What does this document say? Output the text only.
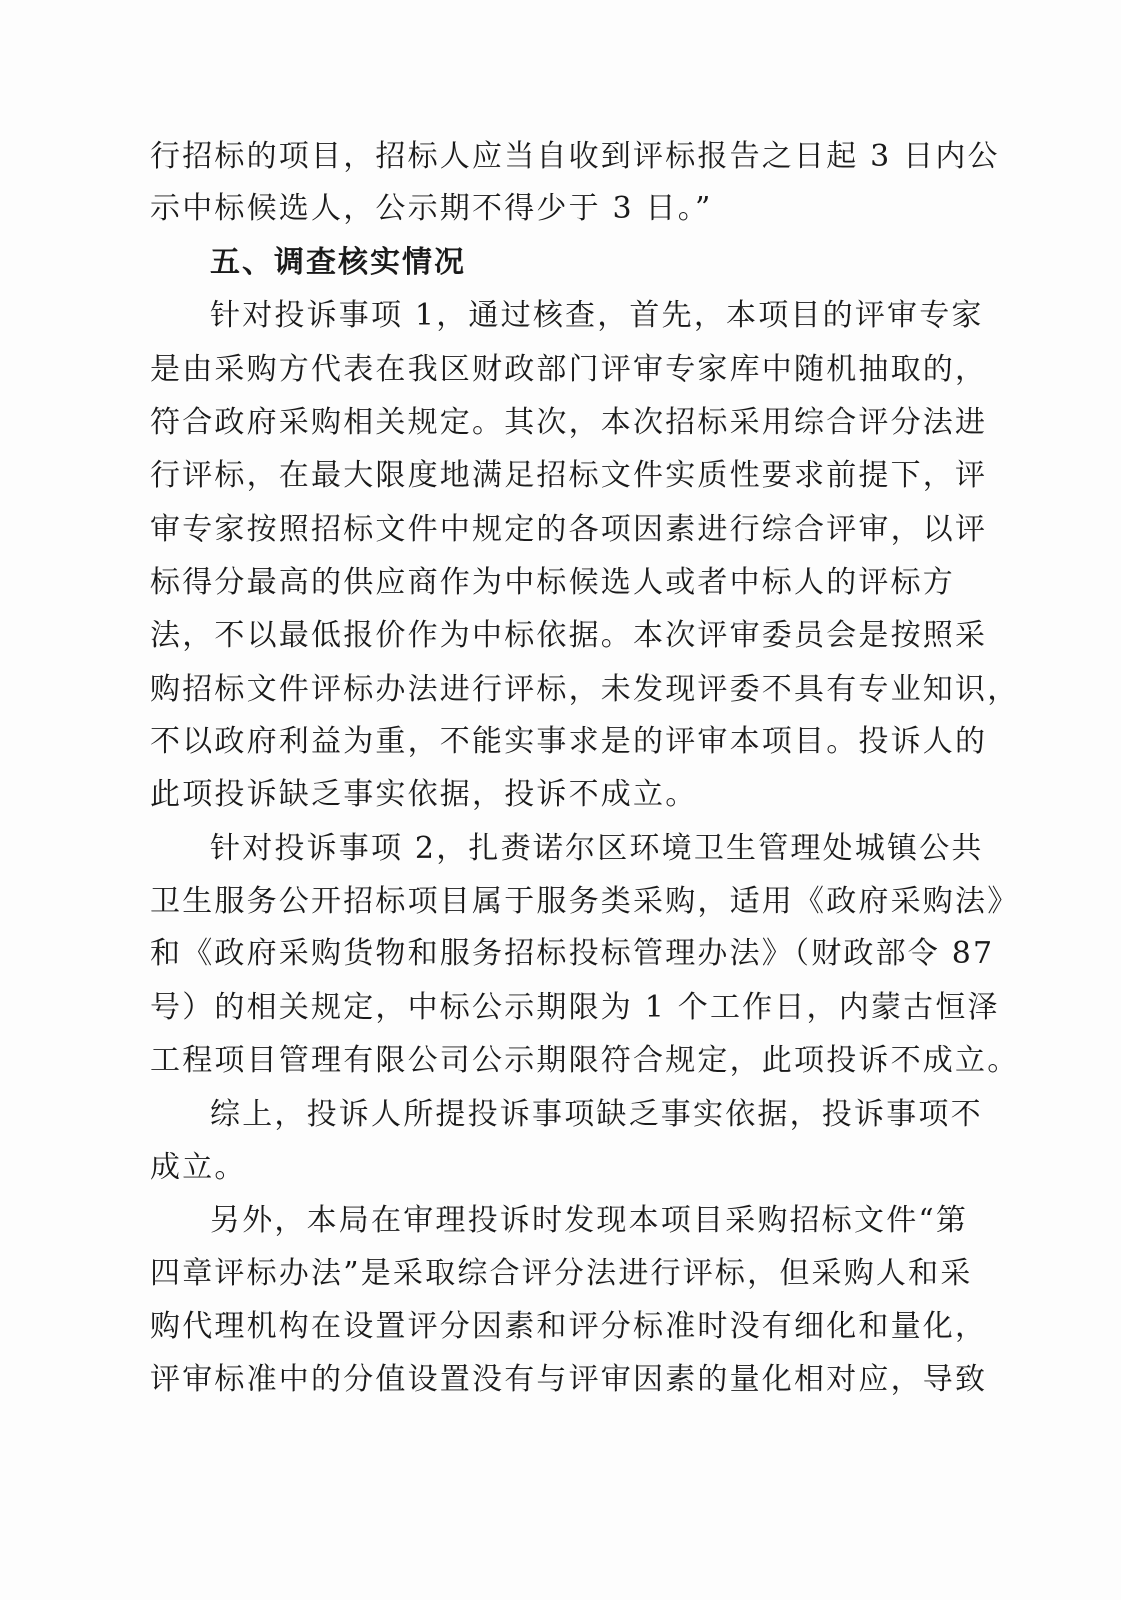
行招标的项目，招标人应当自收到评标报告之日起 3 日内公
示中标候选人，公示期不得少于 3 日。”
五、调查核实情况
针对投诉事项 1，通过核查，首先，本项目的评审专家
是由采购方代表在我区财政部门评审专家库中随机抽取的，
符合政府采购相关规定。其次，本次招标采用综合评分法进
行评标，在最大限度地满足招标文件实质性要求前提下，评
审专家按照招标文件中规定的各项因素进行综合评审，以评
标得分最高的供应商作为中标候选人或者中标人的评标方
法，不以最低报价作为中标依据。本次评审委员会是按照采
购招标文件评标办法进行评标，未发现评委不具有专业知识，
不以政府利益为重，不能实事求是的评审本项目。投诉人的
此项投诉缺乏事实依据，投诉不成立。
针对投诉事项 2，扎赉诺尔区环境卫生管理处城镇公共
卫生服务公开招标项目属于服务类采购，适用《政府采购法》
和《政府采购货物和服务招标投标管理办法》（财政部令 87
号）的相关规定，中标公示期限为 1 个工作日，内蒙古恒泽
工程项目管理有限公司公示期限符合规定，此项投诉不成立。
综上，投诉人所提投诉事项缺乏事实依据，投诉事项不
成立。
另外，本局在审理投诉时发现本项目采购招标文件“第
四章评标办法”是采取综合评分法进行评标，但采购人和采
购代理机构在设置评分因素和评分标准时没有细化和量化，
评审标准中的分值设置没有与评审因素的量化相对应，导致
